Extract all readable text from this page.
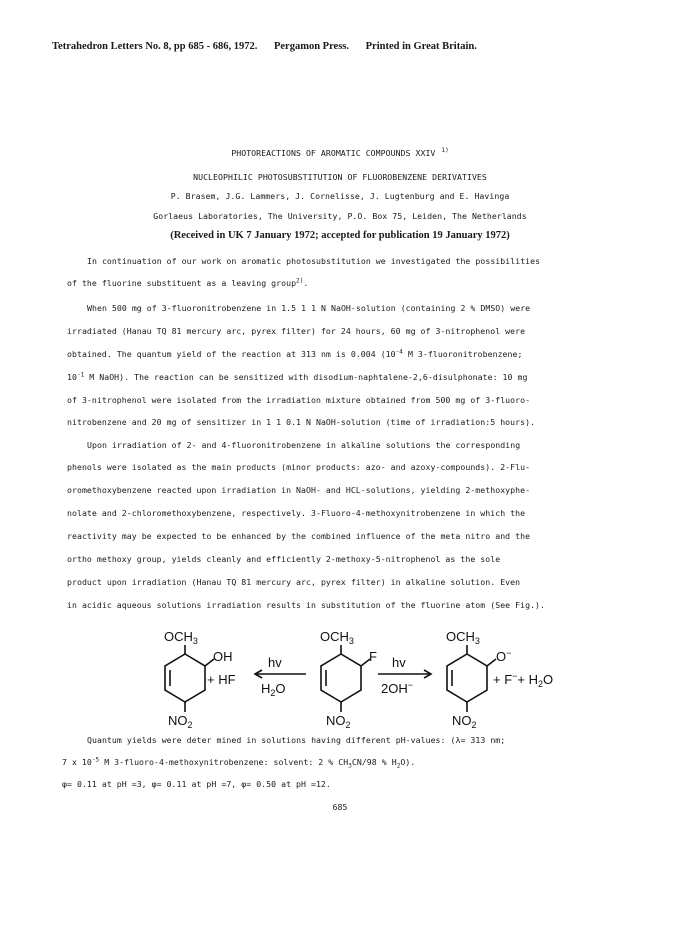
Tetrahedron Letters No. 8, pp 685 - 686, 1972. Pergamon Press. Printed in Great Britain.
PHOTOREACTIONS OF AROMATIC COMPOUNDS XXIV $^{1)}$
NUCLEOPHILIC PHOTOSUBSTITUTION OF FLUOROBENZENE DERIVATIVES
P. Brasem, J.G. Lammers, J. Cornelisse, J. Lugtenburg and E. Havinga
Gorlaeus Laboratories, The University, P.O. Box 75, Leiden, The Netherlands
(Received in UK 7 January 1972; accepted for publication 19 January 1972)
In continuation of our work on aromatic photosubstitution we investigated the possibilities
of the fluorine substituent as a leaving group$^{2)}$.
When 500 mg of 3-fluoronitrobenzene in 1.5 1 1 N NaOH-solution (containing 2 % DMSO) were
irradiated (Hanau TQ 81 mercury arc, pyrex filter) for 24 hours, 60 mg of 3-nitrophenol were
obtained. The quantum yield of the reaction at 313 nm is 0.004 ($10^{-4}$ M 3-fluoronitrobenzene;
$10^{-1}$ M NaOH). The reaction can be sensitized with disodium-naphtalene-2,6-disulphonate: 10 mg
of 3-nitrophenol were isolated from the irradiation mixture obtained from 500 mg of 3-fluoro-
nitrobenzene and 20 mg of sensitizer in 1 1 0.1 N NaOH-solution (time of irradiation:5 hours).
Upon irradiation of 2- and 4-fluoronitrobenzene in alkaline solutions the corresponding
phenols were isolated as the main products (minor products: azo- and azoxy-compounds). 2-Flu-
oromethoxybenzene reacted upon irradiation in NaOH- and HCL-solutions, yielding 2-methoxyphe-
nolate and 2-chloromethoxybenzene, respectively. 3-Fluoro-4-methoxynitrobenzene in which the
reactivity may be expected to be enhanced by the combined influence of the meta nitro and the
ortho methoxy group, yields cleanly and efficiently 2-methoxy-5-nitrophenol as the sole
product upon irradiation (Hanau TQ 81 mercury arc, pyrex filter) in alkaline solution. Even
in acidic aqueous solutions irradiation results in substitution of the fluorine atom (See Fig.).
$OCH_3$
OH
+ HF
$NO_2$
hv
$H_2O$
$OCH_3$
F
$NO_2$
hv
2OH−
$OCH_3$
O−
+ $F^-+ H_2O$
$NO_2$
Quantum yields were deter mined in solutions having different pH-values: (λ= 313 nm;
7 x $10^{-5}$ M 3-fluoro-4-methoxynitrobenzene: solvent: 2 % $CH_3CN/98$ % $H_2O$).
φ= 0.11 at pH =3, φ= 0.11 at pH =7, φ= 0.50 at pH =12.
685
